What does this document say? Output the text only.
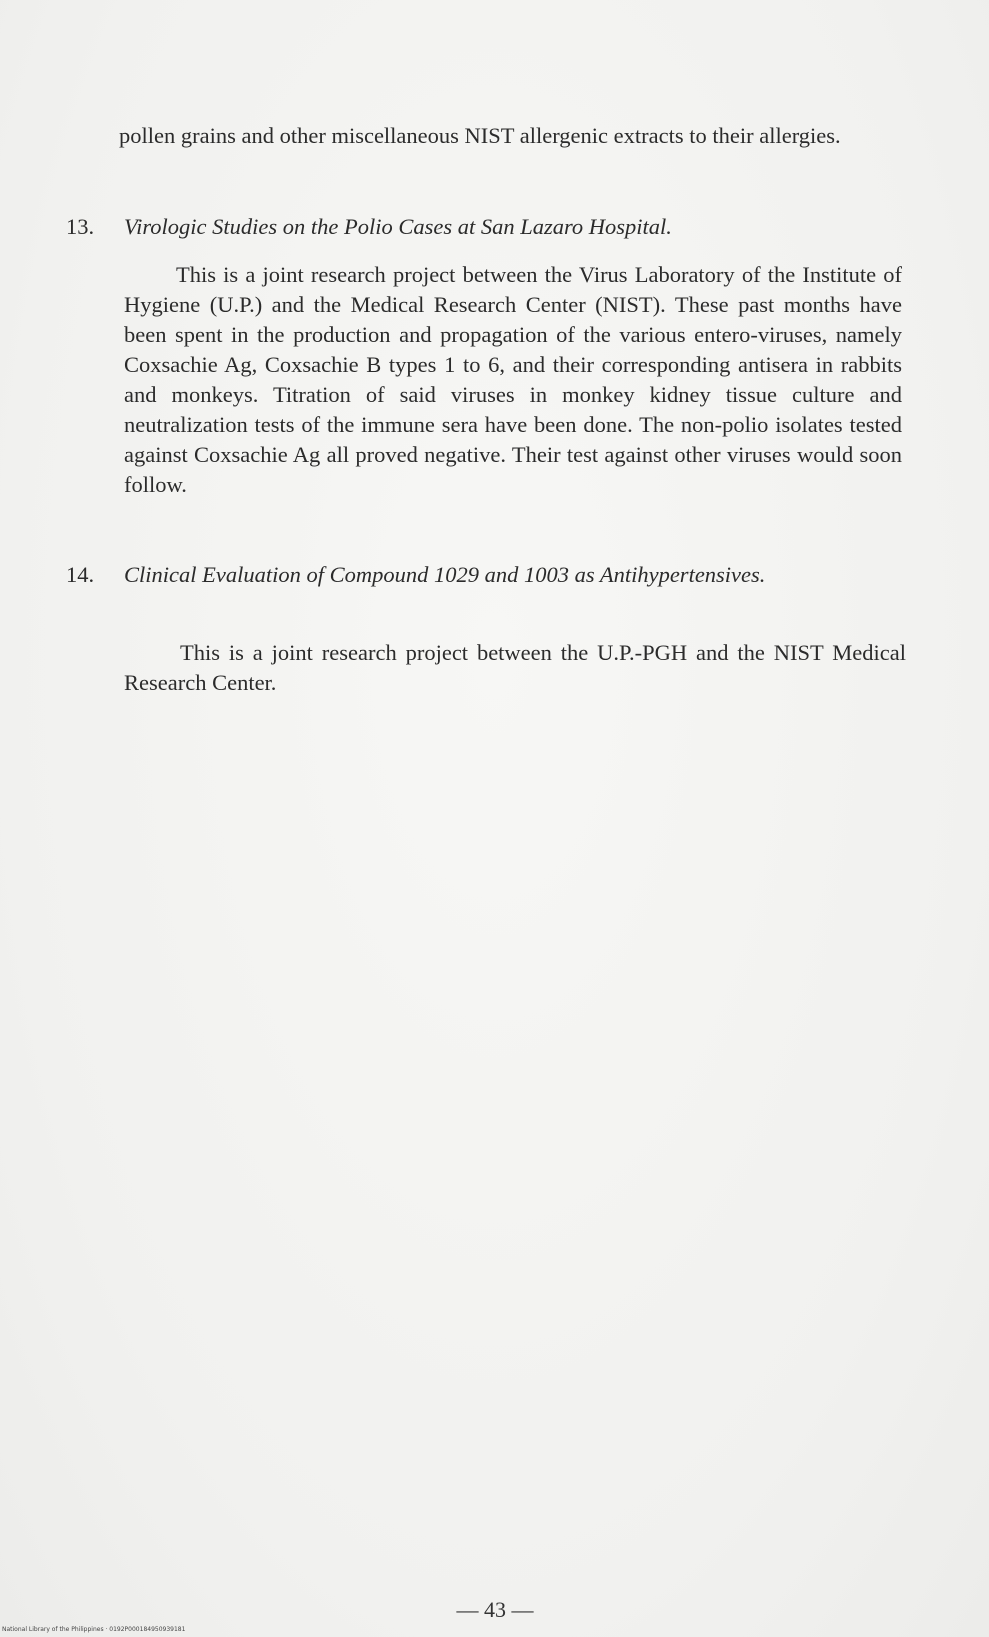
pollen grains and other miscellaneous NIST allergenic extracts to their allergies.

13.	Virologic Studies on the Polio Cases at San Lazaro Hospital.

This is a joint research project between the Virus Laboratory of the Institute of Hygiene (U.P.) and the Medical Research Center (NIST). These past months have been spent in the production and propagation of the various entero-viruses, namely Coxsachie Ag, Coxsachie B types 1 to 6, and their corresponding antisera in rabbits and monkeys. Titration of said viruses in monkey kidney tissue culture and neutralization tests of the immune sera have been done. The non-polio isolates tested against Coxsachie Ag all proved negative. Their test against other viruses would soon follow.

14.	Clinical Evaluation of Compound 1029 and 1003 as Antihypertensives.

This is a joint research project between the U.P.-PGH and the NIST Medical Research Center.

— 43 —
National Library of the Philippines · 0192P000184950939181
